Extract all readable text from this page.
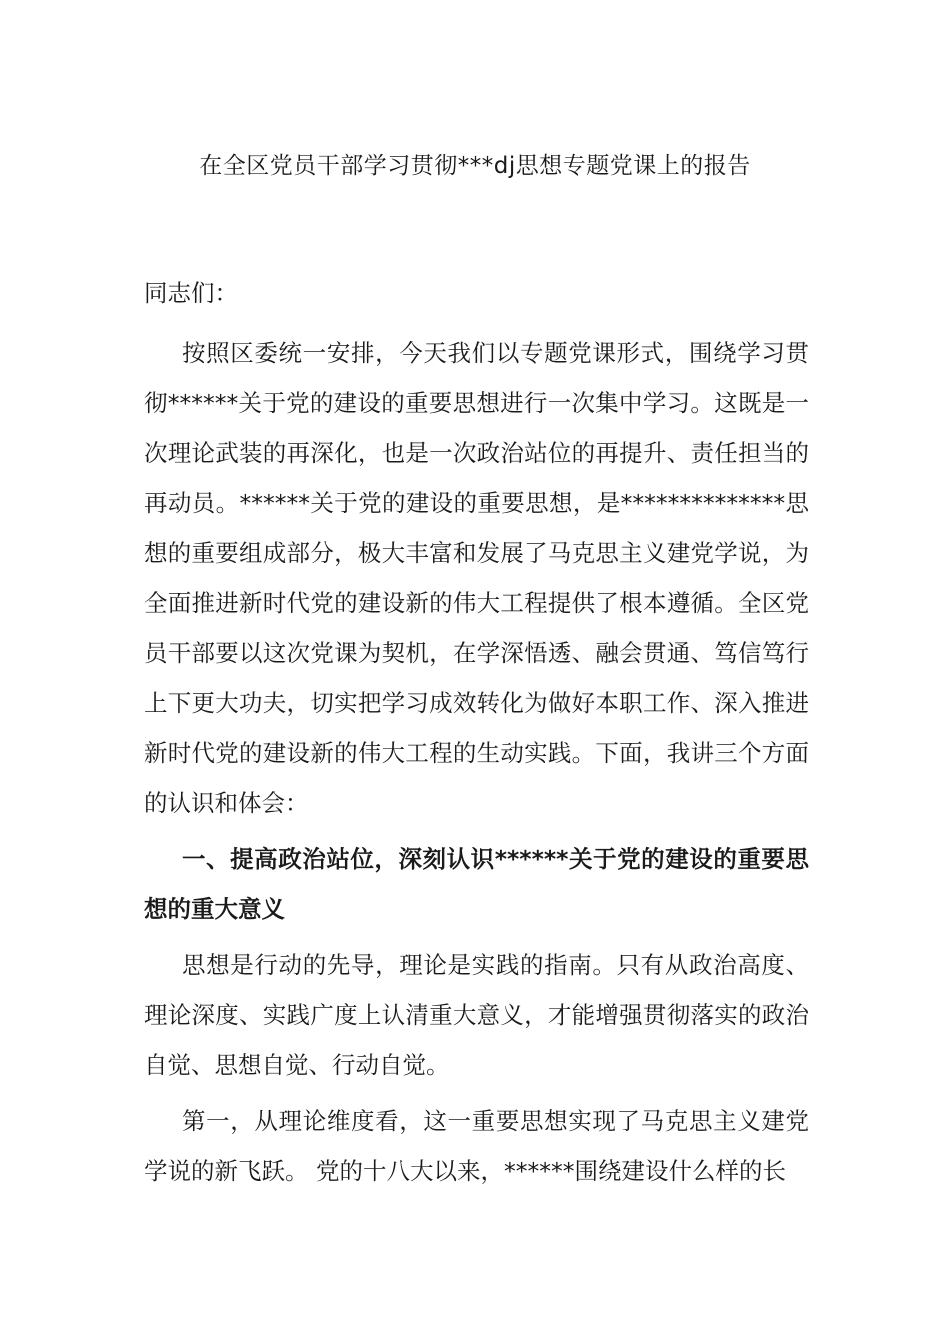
在全区党员干部学习贯彻***dj思想专题党课上的报告

同志们：

按照区委统一安排，今天我们以专题党课形式，围绕学习贯彻******关于党的建设的重要思想进行一次集中学习。这既是一次理论武装的再深化，也是一次政治站位的再提升、责任担当的再动员。******关于党的建设的重要思想，是**************思想的重要组成部分，极大丰富和发展了马克思主义建党学说，为全面推进新时代党的建设新的伟大工程提供了根本遵循。全区党员干部要以这次党课为契机，在学深悟透、融会贯通、笃信笃行上下更大功夫，切实把学习成效转化为做好本职工作、深入推进新时代党的建设新的伟大工程的生动实践。下面，我讲三个方面的认识和体会：

一、提高政治站位，深刻认识******关于党的建设的重要思想的重大意义

思想是行动的先导，理论是实践的指南。只有从政治高度、理论深度、实践广度上认清重大意义，才能增强贯彻落实的政治自觉、思想自觉、行动自觉。

第一，从理论维度看，这一重要思想实现了马克思主义建党学说的新飞跃。 党的十八大以来，******围绕建设什么样的长
